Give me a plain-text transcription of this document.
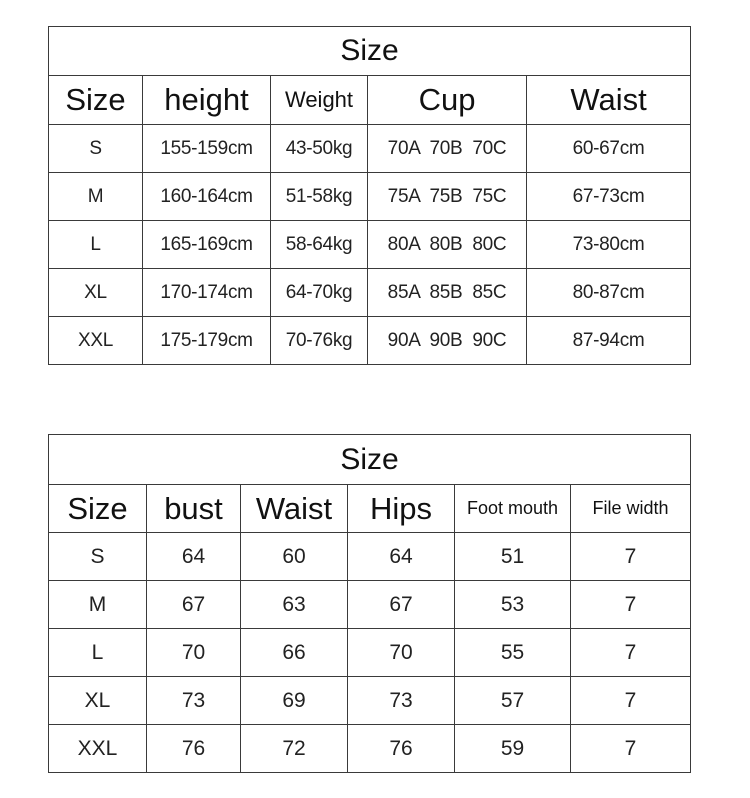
Size				
Size	height	Weight	Cup	Waist
S	155-159cm	43-50kg	70A  70B  70C	60-67cm
M	160-164cm	51-58kg	75A  75B  75C	67-73cm
L	165-169cm	58-64kg	80A  80B  80C	73-80cm
XL	170-174cm	64-70kg	85A  85B  85C	80-87cm
XXL	175-179cm	70-76kg	90A  90B  90C	87-94cm
Size					
Size	bust	Waist	Hips	Foot mouth	File width
S	64	60	64	51	7
M	67	63	67	53	7
L	70	66	70	55	7
XL	73	69	73	57	7
XXL	76	72	76	59	7
